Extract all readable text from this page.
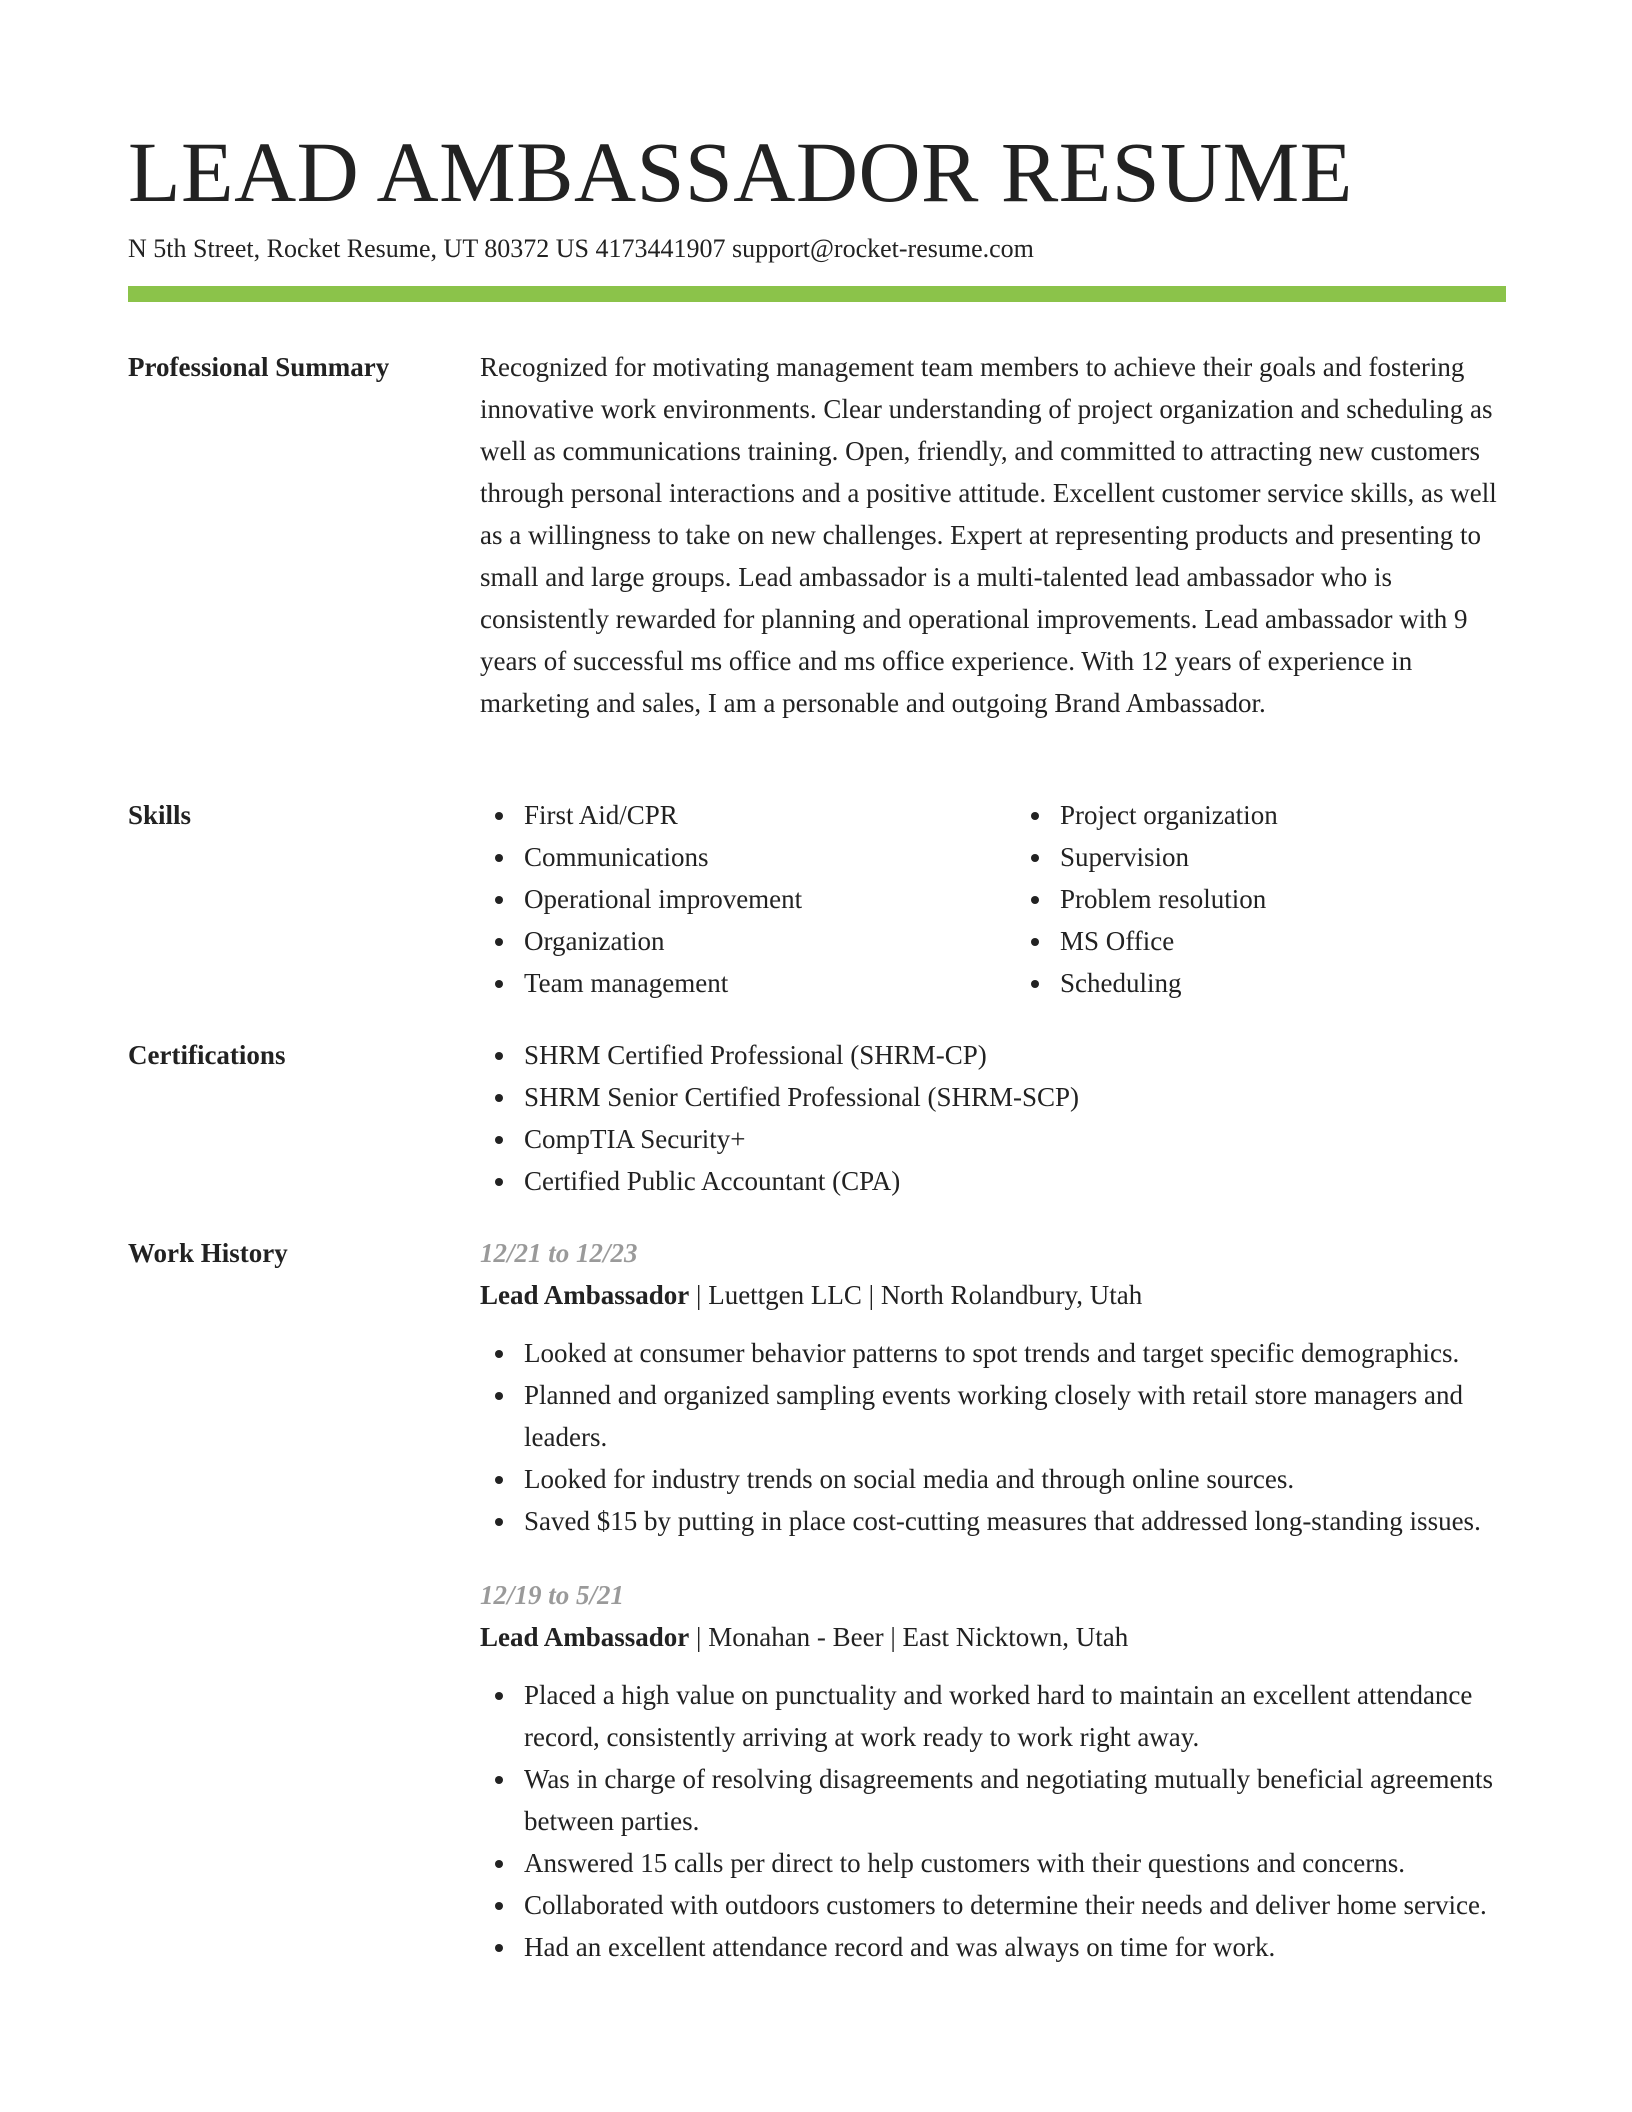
LEAD AMBASSADOR RESUME
N 5th Street, Rocket Resume, UT 80372 US 4173441907 support@rocket-resume.com
Professional Summary	Recognized for motivating management team members to achieve their goals and fostering innovative work environments. Clear understanding of project organization and scheduling as well as communications training. Open, friendly, and committed to attracting new customers through personal interactions and a positive attitude. Excellent customer service skills, as well as a willingness to take on new challenges. Expert at representing products and presenting to small and large groups. Lead ambassador is a multi-talented lead ambassador who is consistently rewarded for planning and operational improvements. Lead ambassador with 9 years of successful ms office and ms office experience. With 12 years of experience in marketing and sales, I am a personable and outgoing Brand Ambassador.

Skills	First Aid/CPR
Communications
Operational improvement
Organization
Team management
Project organization
Supervision
Problem resolution
MS Office
Scheduling
Certifications	SHRM Certified Professional (SHRM-CP)
SHRM Senior Certified Professional (SHRM-SCP)
CompTIA Security+
Certified Public Accountant (CPA)
Work History	12/21 to 12/23
Lead Ambassador | Luettgen LLC | North Rolandbury, Utah
Looked at consumer behavior patterns to spot trends and target specific demographics.
Planned and organized sampling events working closely with retail store managers and leaders.
Looked for industry trends on social media and through online sources.
Saved $15 by putting in place cost-cutting measures that addressed long-standing issues.
12/19 to 5/21
Lead Ambassador | Monahan - Beer | East Nicktown, Utah
Placed a high value on punctuality and worked hard to maintain an excellent attendance record, consistently arriving at work ready to work right away.
Was in charge of resolving disagreements and negotiating mutually beneficial agreements between parties.
Answered 15 calls per direct to help customers with their questions and concerns.
Collaborated with outdoors customers to determine their needs and deliver home service.
Had an excellent attendance record and was always on time for work.
